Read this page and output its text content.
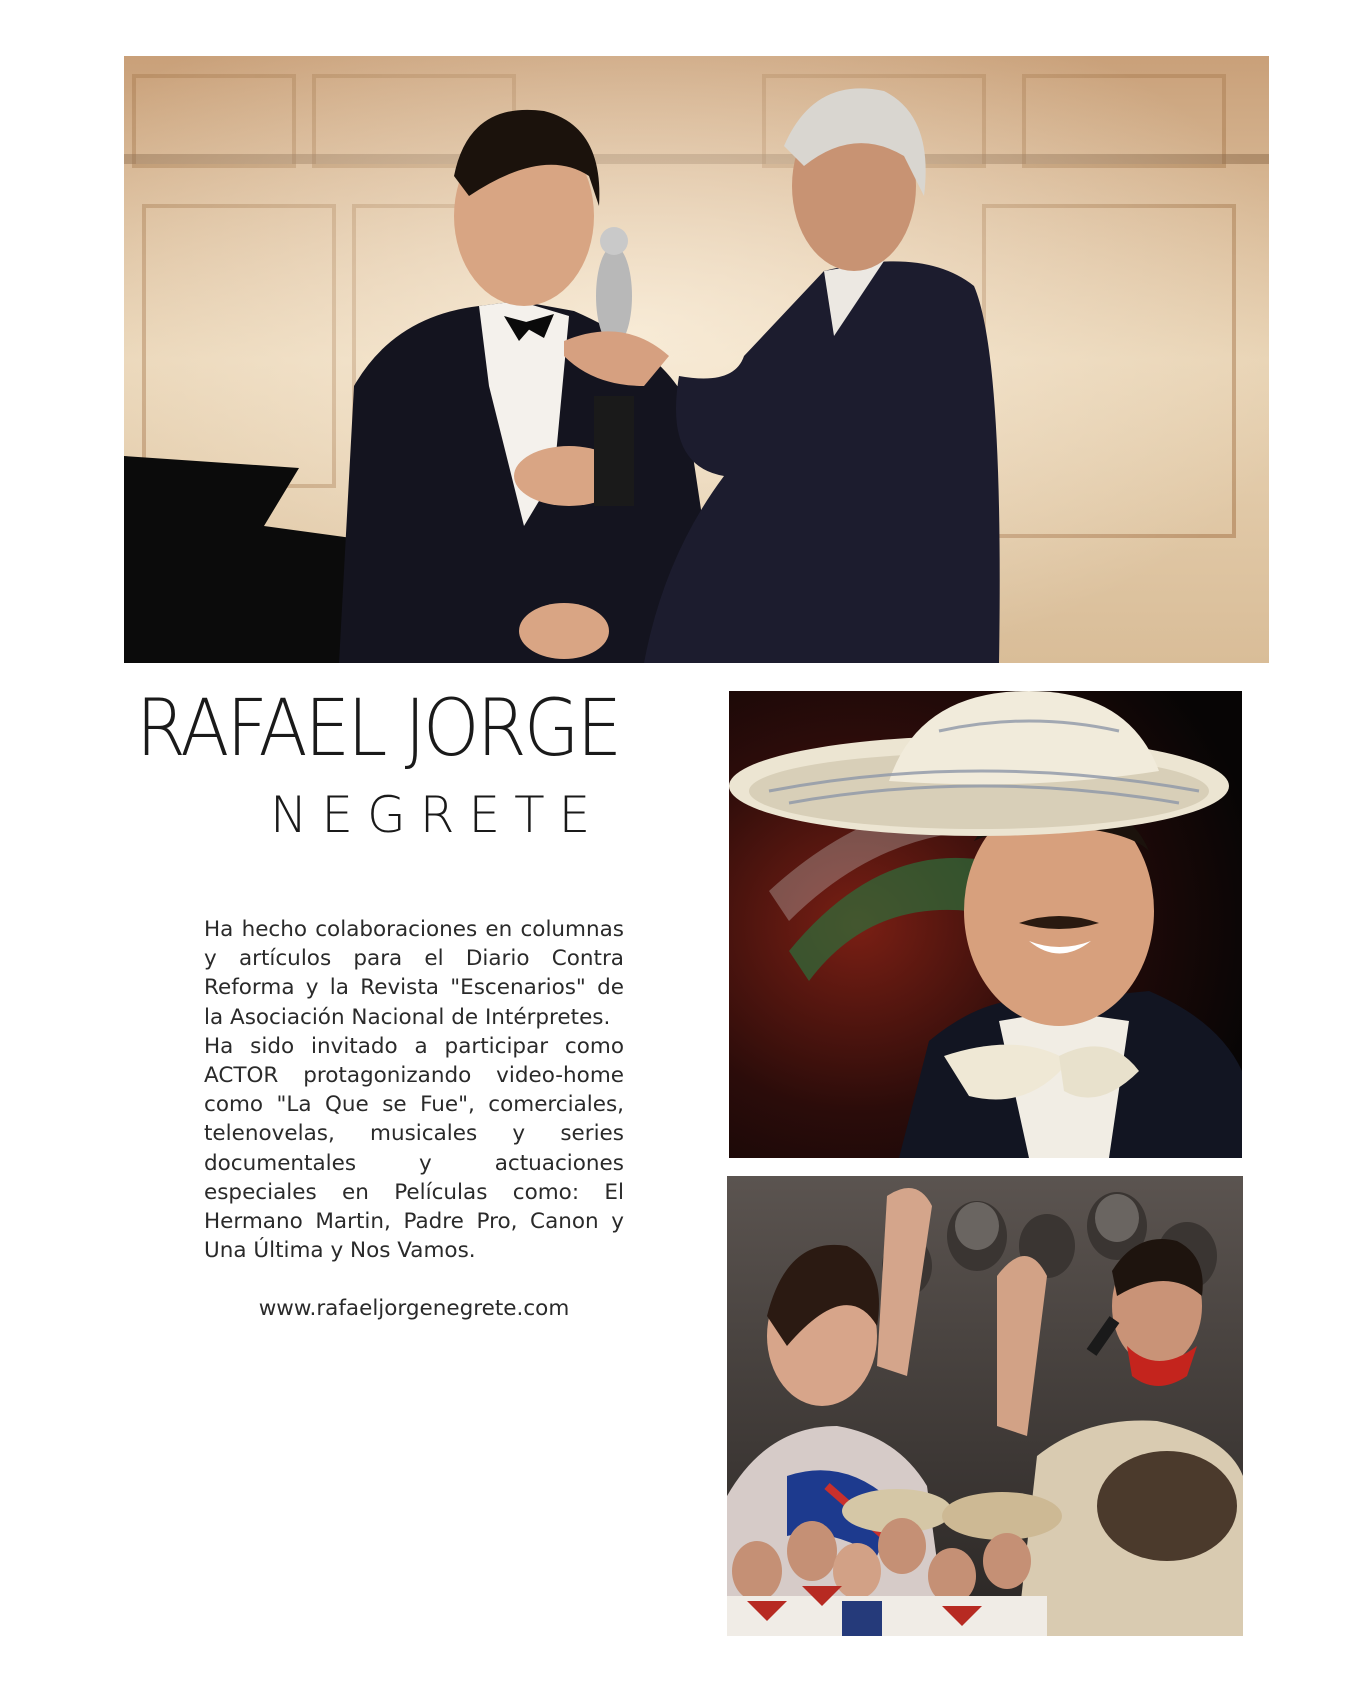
RAFAEL JORGE
NEGRETE
Ha hecho colaboraciones en columnas y artículos para el Diario Contra Reforma y la Revista "Escenarios" de la Asociación Nacional de Intérpretes.
Ha sido invitado a participar como ACTOR protagonizando video-home como "La Que se Fue", comerciales, telenovelas, musicales y series documentales y actuaciones especiales en Películas como: El Hermano Martin, Padre Pro, Canon y Una Última y Nos Vamos.
www.rafaeljorgenegrete.com
